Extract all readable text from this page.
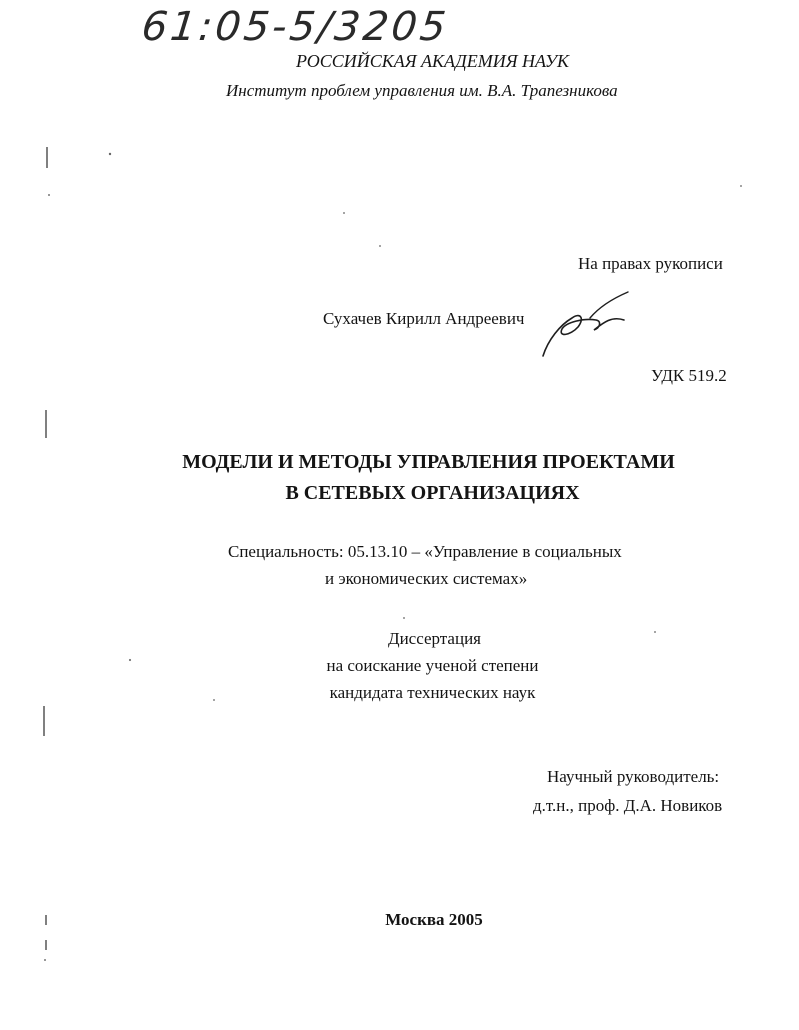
61:05-5/3205
РОССИЙСКАЯ АКАДЕМИЯ НАУК
Институт проблем управления им. В.А. Трапезникова
На правах рукописи
Сухачев Кирилл Андреевич
УДК 519.2
МОДЕЛИ И МЕТОДЫ УПРАВЛЕНИЯ ПРОЕКТАМИ
В СЕТЕВЫХ ОРГАНИЗАЦИЯХ
Специальность: 05.13.10 – «Управление в социальных
и экономических системах»
Диссертация
на соискание ученой степени
кандидата технических наук
Научный руководитель:
д.т.н., проф. Д.А. Новиков
Москва 2005
